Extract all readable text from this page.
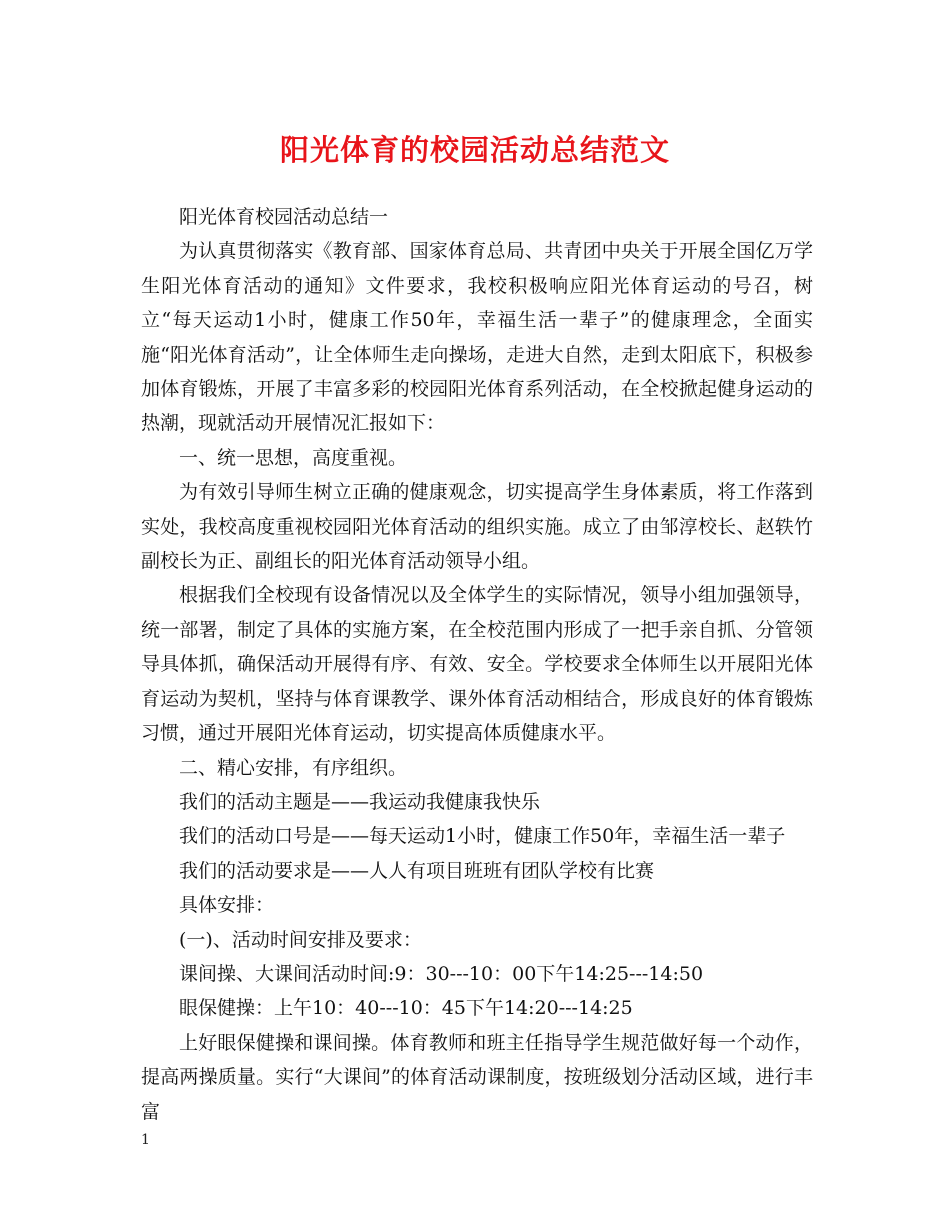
阳光体育的校园活动总结范文

阳光体育校园活动总结一

为认真贯彻落实《教育部、国家体育总局、共青团中央关于开展全国亿万学生阳光体育活动的通知》文件要求，我校积极响应阳光体育运动的号召，树立“每天运动1小时，健康工作50年，幸福生活一辈子”的健康理念，全面实施“阳光体育活动”，让全体师生走向操场，走进大自然，走到太阳底下，积极参加体育锻炼，开展了丰富多彩的校园阳光体育系列活动，在全校掀起健身运动的热潮，现就活动开展情况汇报如下：

一、统一思想，高度重视。

为有效引导师生树立正确的健康观念，切实提高学生身体素质，将工作落到实处，我校高度重视校园阳光体育活动的组织实施。成立了由邹淳校长、赵轶竹副校长为正、副组长的阳光体育活动领导小组。

根据我们全校现有设备情况以及全体学生的实际情况，领导小组加强领导，统一部署，制定了具体的实施方案，在全校范围内形成了一把手亲自抓、分管领导具体抓，确保活动开展得有序、有效、安全。学校要求全体师生以开展阳光体育运动为契机，坚持与体育课教学、课外体育活动相结合，形成良好的体育锻炼习惯，通过开展阳光体育运动，切实提高体质健康水平。

二、精心安排，有序组织。

我们的活动主题是——我运动我健康我快乐

我们的活动口号是——每天运动1小时，健康工作50年，幸福生活一辈子

我们的活动要求是——人人有项目班班有团队学校有比赛

具体安排：

(一)、活动时间安排及要求：

课间操、大课间活动时间:9：30---10：00下午14:25---14:50

眼保健操：上午10：40---10：45下午14:20---14:25

上好眼保健操和课间操。体育教师和班主任指导学生规范做好每一个动作，提高两操质量。实行“大课间”的体育活动课制度，按班级划分活动区域，进行丰富

1
